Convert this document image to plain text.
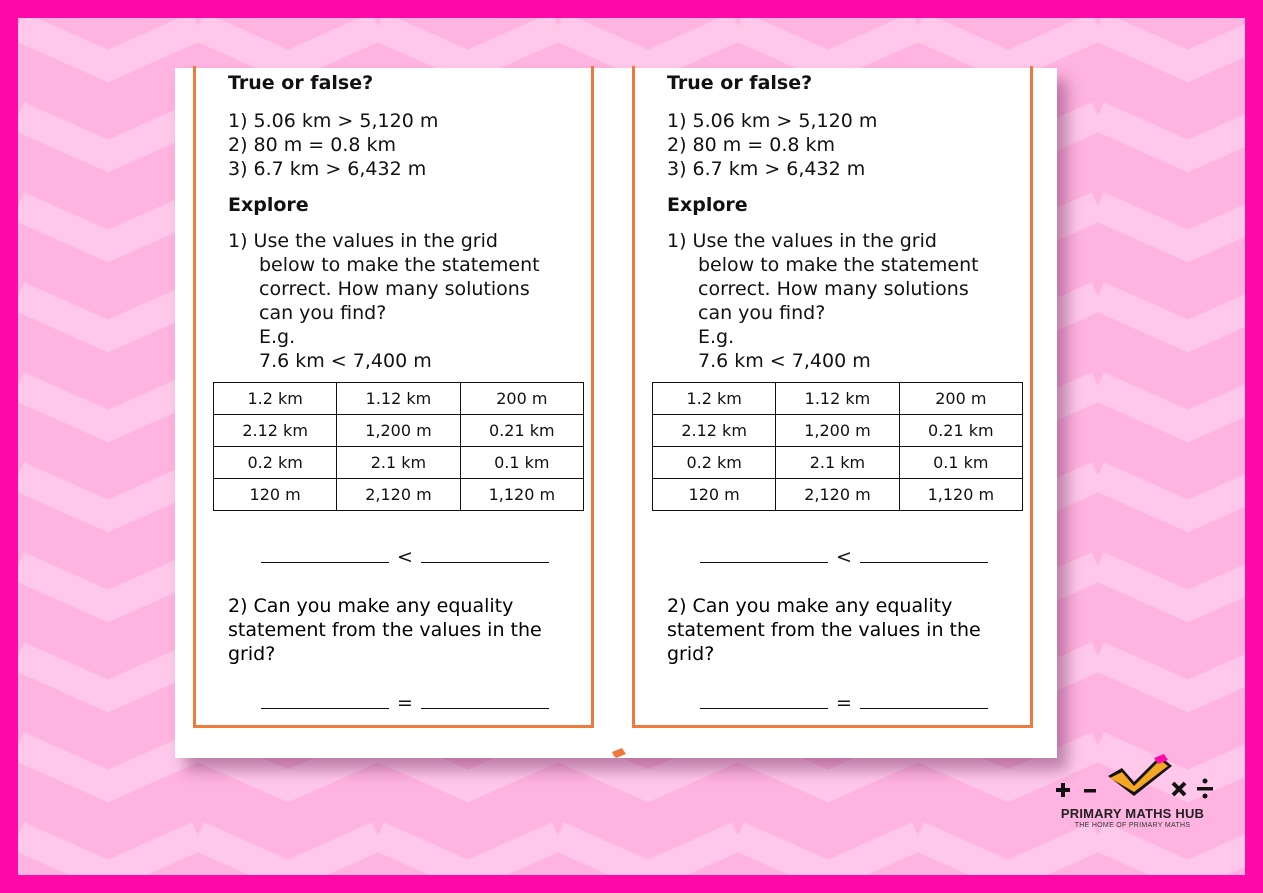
True or false?

1) 5.06 km > 5,120 m

2) 80 m = 0.8 km

3) 6.7 km > 6,432 m

Explore

1) Use the values in the grid

below to make the statement

correct. How many solutions

can you find?

E.g.

7.6 km < 7,400 m

1.2 km	1.12 km	200 m
2.12 km	1,200 m	0.21 km
0.2 km	2.1 km	0.1 km
120 m	2,120 m	1,120 m
<
2) Can you make any equality statement from the values in the grid?
=

True or false?

1) 5.06 km > 5,120 m

2) 80 m = 0.8 km

3) 6.7 km > 6,432 m

Explore

1) Use the values in the grid

below to make the statement

correct. How many solutions

can you find?

E.g.

7.6 km < 7,400 m

1.2 km	1.12 km	200 m
2.12 km	1,200 m	0.21 km
0.2 km	2.1 km	0.1 km
120 m	2,120 m	1,120 m
<
2) Can you make any equality statement from the values in the grid?
=
PRIMARY MATHS HUB
THE HOME OF PRIMARY MATHS
